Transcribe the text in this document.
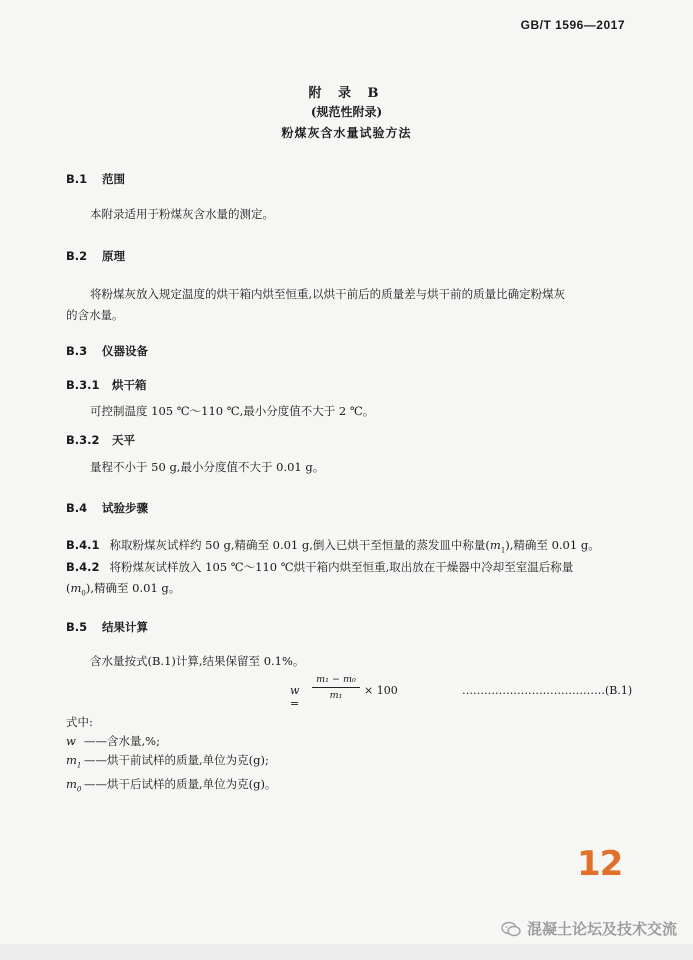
GB/T 1596—2017
附 录 B
(规范性附录)
粉煤灰含水量试验方法
B.1 范围
本附录适用于粉煤灰含水量的测定。
B.2 原理
将粉煤灰放入规定温度的烘干箱内烘至恒重,以烘干前后的质量差与烘干前的质量比确定粉煤灰
的含水量。
B.3 仪器设备
B.3.1 烘干箱
可控制温度 105 ℃～110 ℃,最小分度值不大于 2 ℃。
B.3.2 天平
量程不小于 50 g,最小分度值不大于 0.01 g。
B.4 试验步骤
B.4.1 称取粉煤灰试样约 50 g,精确至 0.01 g,倒入已烘干至恒量的蒸发皿中称量$(m_1)$,精确至 0.01 g。
B.4.2 将粉煤灰试样放入 105 ℃～110 ℃烘干箱内烘至恒重,取出放在干燥器中冷却至室温后称量
$(m_0)$,精确至 0.01 g。
B.5 结果计算
含水量按式(B.1)计算,结果保留至 0.1%。
w =
m₁ − m₀
m₁	× 100	…………………………………(B.1)
式中:
w ——含水量,%;
$m_1$ ——烘干前试样的质量,单位为克(g);
$m_0$ ——烘干后试样的质量,单位为克(g)。
12
混凝土论坛及技术交流
